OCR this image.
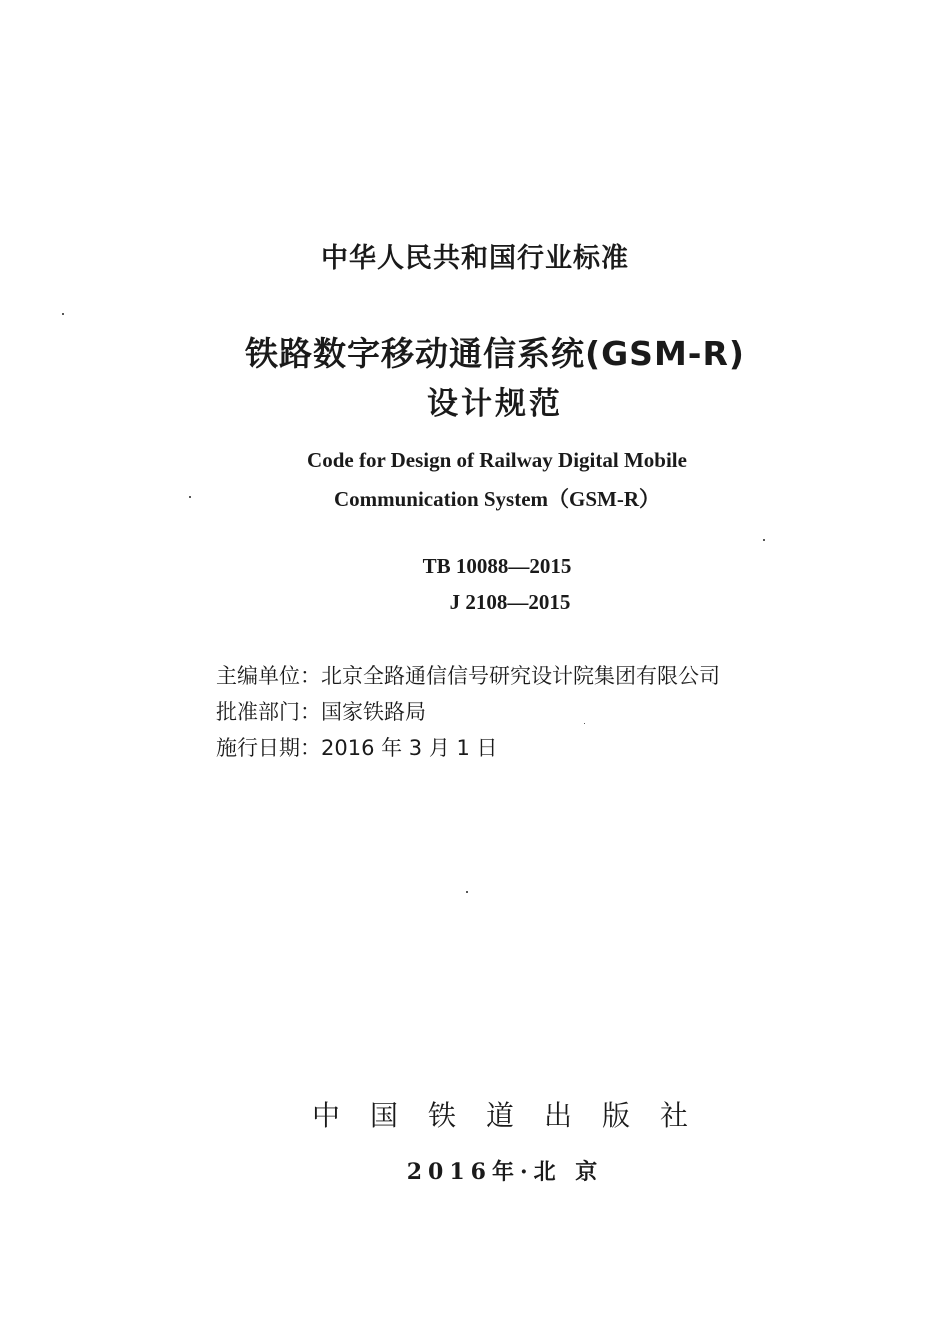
中华人民共和国行业标准
铁路数字移动通信系统(GSM-R)
设计规范
Code for Design of Railway Digital Mobile
Communication System（GSM-R）
TB 10088—2015
J 2108—2015
主编单位：北京全路通信信号研究设计院集团有限公司
批准部门：国家铁路局
施行日期：2016 年 3 月 1 日
中国铁道出版社
2016年·北 京
